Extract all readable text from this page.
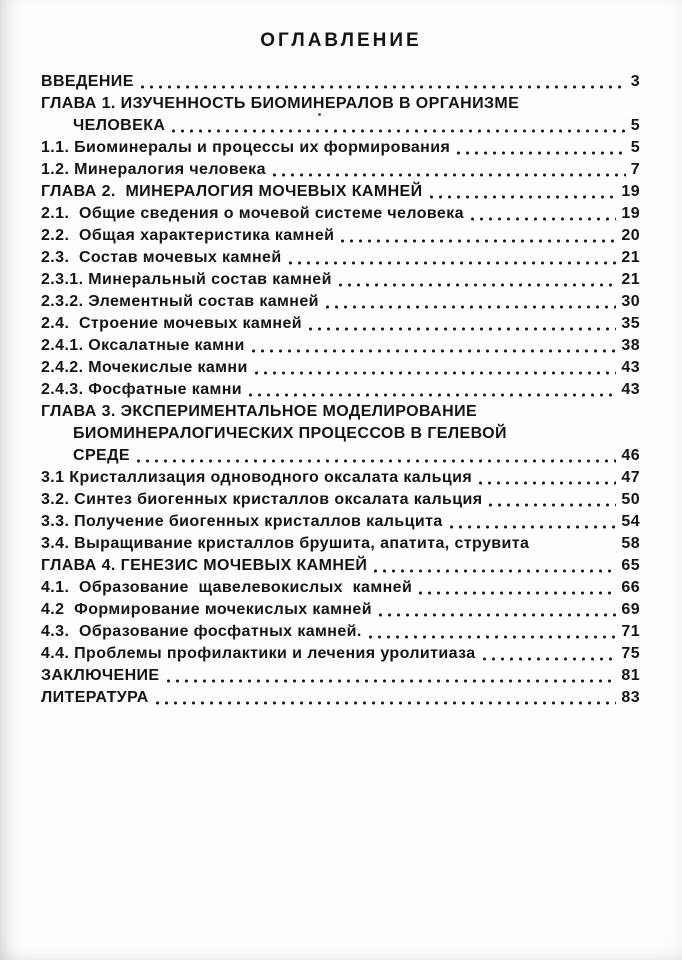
ОГЛАВЛЕНИЕ
ВВЕДЕНИЕ	3
ГЛАВА 1. ИЗУЧЕННОСТЬ БИОМИНЕРАЛОВ В ОРГАНИЗМЕ
ЧЕЛОВЕКА	5
1.1. Биоминералы и процессы их формирования	5
1.2. Минералогия человека	7
ГЛАВА 2.  МИНЕРАЛОГИЯ МОЧЕВЫХ КАМНЕЙ	19
2.1.  Общие сведения о мочевой системе человека	19
2.2.  Общая характеристика камней	20
2.3.  Состав мочевых камней	21
2.3.1. Минеральный состав камней	21
2.3.2. Элементный состав камней	30
2.4.  Строение мочевых камней	35
2.4.1. Оксалатные камни	38
2.4.2. Мочекислые камни	43
2.4.3. Фосфатные камни	43
ГЛАВА 3. ЭКСПЕРИМЕНТАЛЬНОЕ МОДЕЛИРОВАНИЕ
БИОМИНЕРАЛОГИЧЕСКИХ ПРОЦЕССОВ В ГЕЛЕВОЙ
СРЕДЕ	46
3.1 Кристаллизация одноводного оксалата кальция	47
3.2. Синтез биогенных кристаллов оксалата кальция	50
3.3. Получение биогенных кристаллов кальцита	54
3.4. Выращивание кристаллов брушита, апатита, струвита	58
ГЛАВА 4. ГЕНЕЗИС МОЧЕВЫХ КАМНЕЙ	65
4.1.  Образование  щавелевокислых  камней	66
4.2  Формирование мочекислых камней	69
4.3.  Образование фосфатных камней.	71
4.4. Проблемы профилактики и лечения уролитиаза	75
ЗАКЛЮЧЕНИЕ	81
ЛИТЕРАТУРА	83
